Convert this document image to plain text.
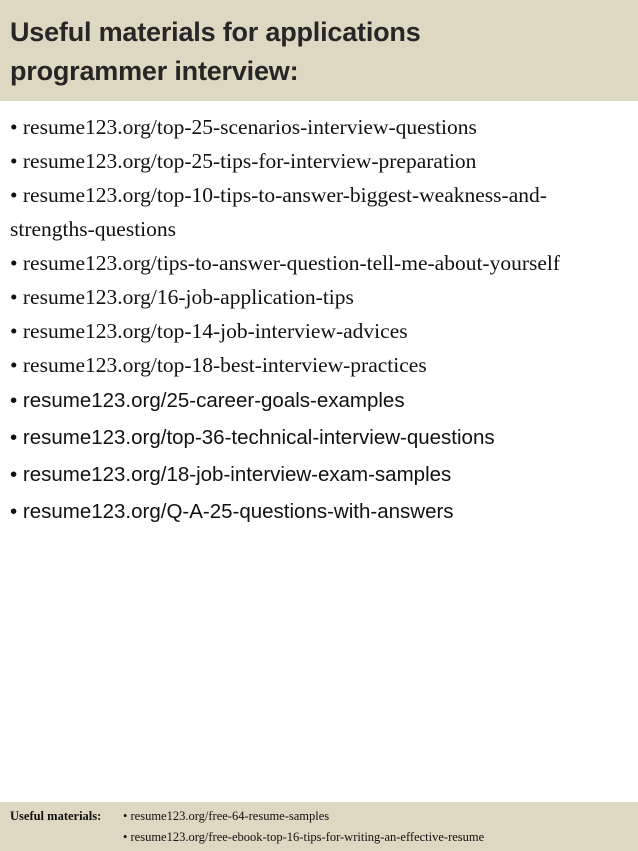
Useful materials for applications
programmer interview:
• resume123.org/top-25-scenarios-interview-questions
• resume123.org/top-25-tips-for-interview-preparation
• resume123.org/top-10-tips-to-answer-biggest-weakness-and-strengths-questions
• resume123.org/tips-to-answer-question-tell-me-about-yourself
• resume123.org/16-job-application-tips
• resume123.org/top-14-job-interview-advices
• resume123.org/top-18-best-interview-practices
• resume123.org/25-career-goals-examples
• resume123.org/top-36-technical-interview-questions
• resume123.org/18-job-interview-exam-samples
• resume123.org/Q-A-25-questions-with-answers
Useful materials:	• resume123.org/free-64-resume-samples
• resume123.org/free-ebook-top-16-tips-for-writing-an-effective-resume
